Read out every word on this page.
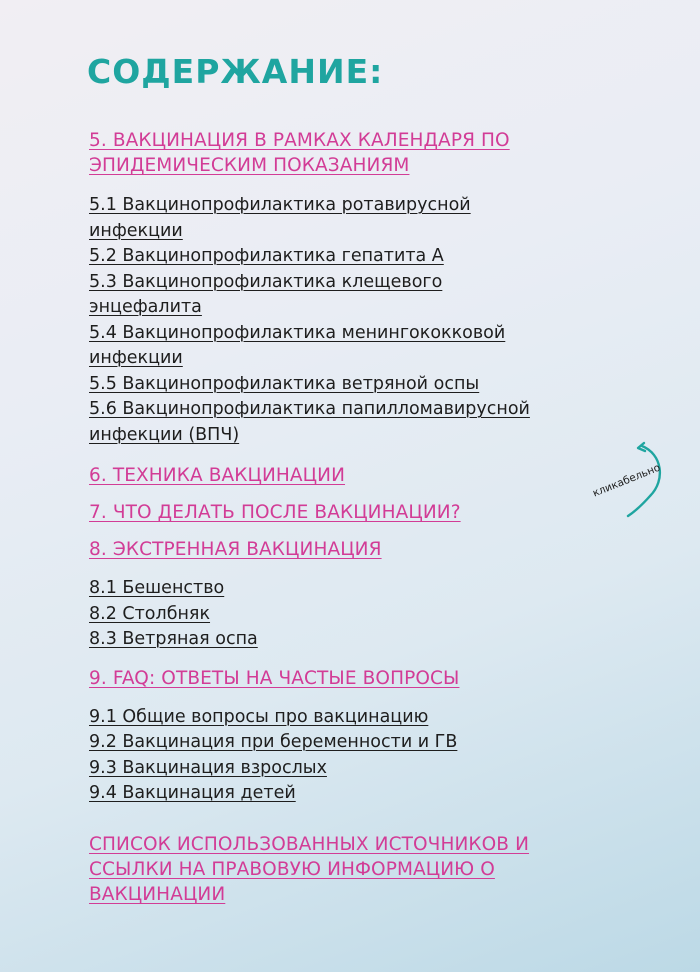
СОДЕРЖАНИЕ:
5. ВАКЦИНАЦИЯ В РАМКАХ КАЛЕНДАРЯ ПО ЭПИДЕМИЧЕСКИМ ПОКАЗАНИЯМ
5.1 Вакцинопрофилактика ротавирусной инфекции
5.2 Вакцинопрофилактика гепатита А
5.3 Вакцинопрофилактика клещевого энцефалита
5.4 Вакцинопрофилактика менингококковой инфекции
5.5 Вакцинопрофилактика ветряной оспы
5.6 Вакцинопрофилактика папилломавирусной инфекции (ВПЧ)
6. ТЕХНИКА ВАКЦИНАЦИИ
7. ЧТО ДЕЛАТЬ ПОСЛЕ ВАКЦИНАЦИИ?
8. ЭКСТРЕННАЯ ВАКЦИНАЦИЯ
8.1 Бешенство
8.2 Столбняк
8.3 Ветряная оспа
9. FAQ: ОТВЕТЫ НА ЧАСТЫЕ ВОПРОСЫ
9.1 Общие вопросы про вакцинацию
9.2 Вакцинация при беременности и ГВ
9.3 Вакцинация взрослых
9.4 Вакцинация детей
СПИСОК ИСПОЛЬЗОВАННЫХ ИСТОЧНИКОВ И ССЫЛКИ НА ПРАВОВУЮ ИНФОРМАЦИЮ О ВАКЦИНАЦИИ
кликабельно
